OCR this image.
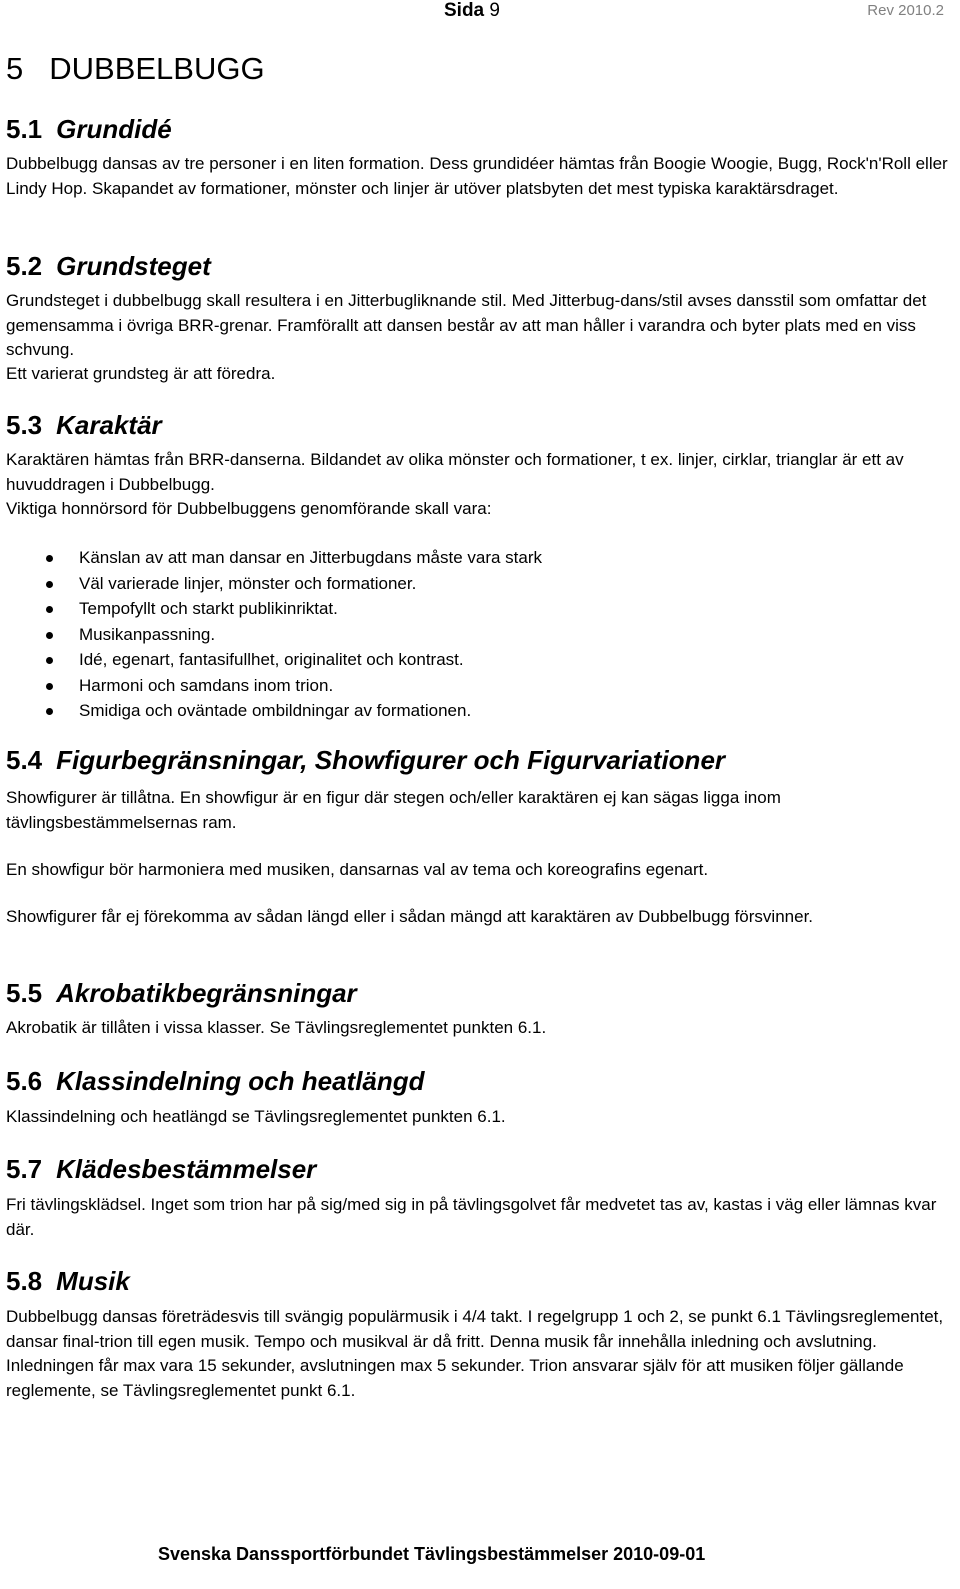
Sida 9	Rev 2010.2
5 DUBBELBUGG
5.1 Grundidé

Dubbelbugg dansas av tre personer i en liten formation. Dess grundidéer hämtas från Boogie Woogie, Bugg, Rock'n'Roll eller Lindy Hop. Skapandet av formationer, mönster och linjer är utöver platsbyten det mest typiska karaktärsdraget.

5.2 Grundsteget

Grundsteget i dubbelbugg skall resultera i en Jitterbugliknande stil. Med Jitterbug-dans/stil avses dansstil som omfattar det gemensamma i övriga BRR-grenar. Framförallt att dansen består av att man håller i varandra och byter plats med en viss schvung.

Ett varierat grundsteg är att föredra.

5.3 Karaktär

Karaktären hämtas från BRR-danserna. Bildandet av olika mönster och formationer, t ex. linjer, cirklar, trianglar är ett av huvuddragen i Dubbelbugg.

Viktiga honnörsord för Dubbelbuggens genomförande skall vara:

Känslan av att man dansar en Jitterbugdans måste vara stark
Väl varierade linjer, mönster och formationer.
Tempofyllt och starkt publikinriktat.
Musikanpassning.
Idé, egenart, fantasifullhet, originalitet och kontrast.
Harmoni och samdans inom trion.
Smidiga och oväntade ombildningar av formationen.
5.4 Figurbegränsningar, Showfigurer och Figurvariationer

Showfigurer är tillåtna. En showfigur är en figur där stegen och/eller karaktären ej kan sägas ligga inom tävlingsbestämmelsernas ram.

En showfigur bör harmoniera med musiken, dansarnas val av tema och koreografins egenart.

Showfigurer får ej förekomma av sådan längd eller i sådan mängd att karaktären av Dubbelbugg försvinner.

5.5 Akrobatikbegränsningar

Akrobatik är tillåten i vissa klasser. Se Tävlingsreglementet punkten 6.1.

5.6 Klassindelning och heatlängd

Klassindelning och heatlängd se Tävlingsreglementet punkten 6.1.

5.7 Klädesbestämmelser

Fri tävlingsklädsel. Inget som trion har på sig/med sig in på tävlingsgolvet får medvetet tas av, kastas i väg eller lämnas kvar där.

5.8 Musik

Dubbelbugg dansas företrädesvis till svängig populärmusik i 4/4 takt. I regelgrupp 1 och 2, se punkt 6.1 Tävlingsreglementet, dansar final-trion till egen musik. Tempo och musikval är då fritt. Denna musik får innehålla inledning och avslutning. Inledningen får max vara 15 sekunder, avslutningen max 5 sekunder. Trion ansvarar själv för att musiken följer gällande reglemente, se Tävlingsreglementet punkt 6.1.

Svenska Danssportförbundet Tävlingsbestämmelser 2010-09-01
